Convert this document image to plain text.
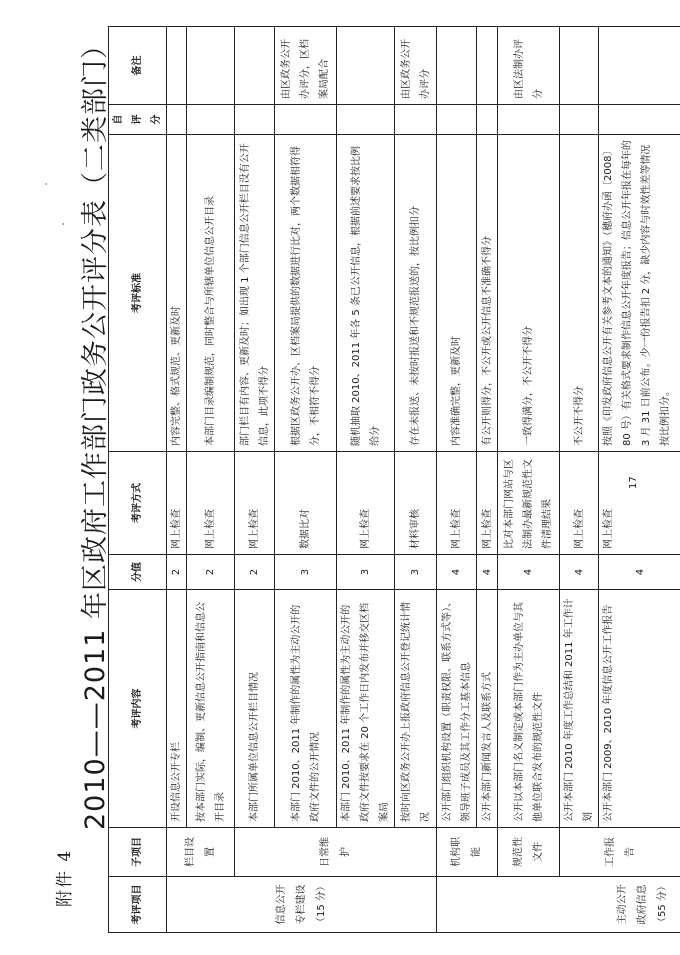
附件 4
2010——2011 年区政府工作部门政务公开评分表（二类部门）
考评项目	子项目	考评内容	分值	考评方式	考评标准	自评分	备注
信息公开专栏建设（15 分）	栏目设置	开设信息公开专栏	2	网上检查	内容完整、格式规范、更新及时		
		按本部门实际，编制、更新信息公开指南和信息公开目录	2	网上检查	本部门目录编制规范，同时整合与所辖单位信息公开目录		
	日常维护	本部门所属单位信息公开栏目情况	2	网上检查	部门栏目有内容、更新及时；如出现 1 个部门信息公开栏目没有公开信息，此项不得分		
		本部门 2010、2011 年制作的属性为主动公开的政府文件的公开情况	3	数据比对	根据区政务公开办、区档案局提供的数据进行比对，两个数据相符得分，不相符不得分		由区政务公开办评分，区档案局配合
		本部门 2010、2011 年制作的属性为主动公开的政府文件按要求在 20 个工作日内发布并移交区档案局	3	网上检查	随机抽取 2010、2011 年各 5 条已公开信息，根据前述要求按比例给分		
		按时向区政务公开办上报政府信息公开登记统计情况	3	材料审核	存在未报送、未按时报送和不规范报送的，按比例扣分		由区政务公开办评分
主动公开政府信息（55 分）	机构职能	公开部门组织机构设置（职责权限、联系方式等）、领导班子成员及其工作分工基本信息	4	网上检查	内容准确完整，更新及时		
		公开本部门新闻发言人及联系方式	4	网上检查	有公开则得分，不公开或公开信息不准确不得分		
	规范性文件	公开以本部门名义制定或本部门作为主办单位与其他单位联合发布的规范性文件	4	比对本部门网站与区法制办最新规范性文件清理结果	一致得满分，不公开不得分		由区法制办评分
	工作报告	公开本部门 2010 年度工作总结和 2011 年工作计划	4	网上检查	不公开不得分		
		公开本部门 2009、2010 年度信息公开工作报告	4	网上检查	按照《印发政府信息公开有关参考文本的通知》（穗府办函〔2008〕80 号）有关格式要求制作信息公开年度报告；信息公开年报在每年的 3 月 31 日前公布。少一份报告扣 2 分，缺少内容与时效性差等情况按比例扣分。		
17
